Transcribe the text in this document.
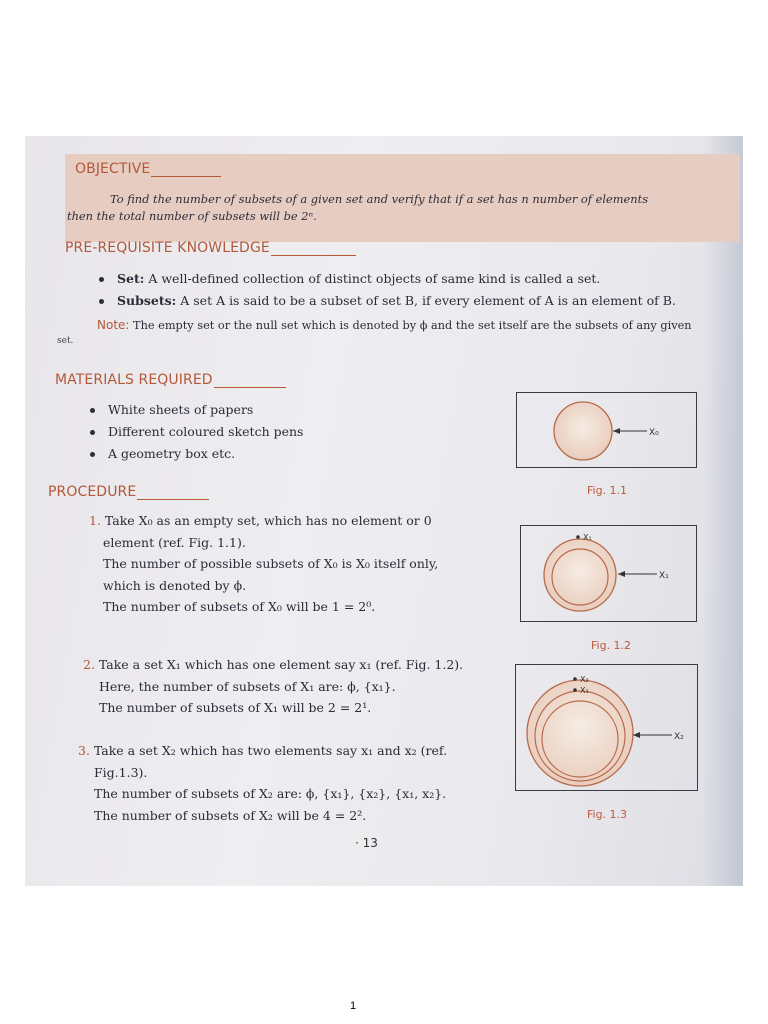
OBJECTIVE
To find the number of subsets of a given set and verify that if a set has n number of elements
then the total number of subsets will be 2ⁿ.
PRE-REQUISITE KNOWLEDGE
Set: A well-defined collection of distinct objects of same kind is called a set.
Subsets: A set A is said to be a subset of set B, if every element of A is an element of B.
Note: The empty set or the null set which is denoted by ϕ and the set itself are the subsets of any given
set.
MATERIALS REQUIRED
White sheets of papers
Different coloured sketch pens
A geometry box etc.
PROCEDURE
1. Take X₀ as an empty set, which has no element or 0
element (ref. Fig. 1.1).
The number of possible subsets of X₀ is X₀ itself only,
which is denoted by ϕ.
The number of subsets of X₀ will be 1 = 2⁰.
2. Take a set X₁ which has one element say x₁ (ref. Fig. 1.2).
Here, the number of subsets of X₁ are: ϕ, {x₁}.
The number of subsets of X₁ will be 2 = 2¹.
3. Take a set X₂ which has two elements say x₁ and x₂ (ref.
Fig.1.3).
The number of subsets of X₂ are: ϕ, {x₁}, {x₂}, {x₁, x₂}.
The number of subsets of X₂ will be 4 = 2².
X₀
Fig. 1.1
X₁
X₁
Fig. 1.2
X₂
X₁
X₂
Fig. 1.3
· 13
1
